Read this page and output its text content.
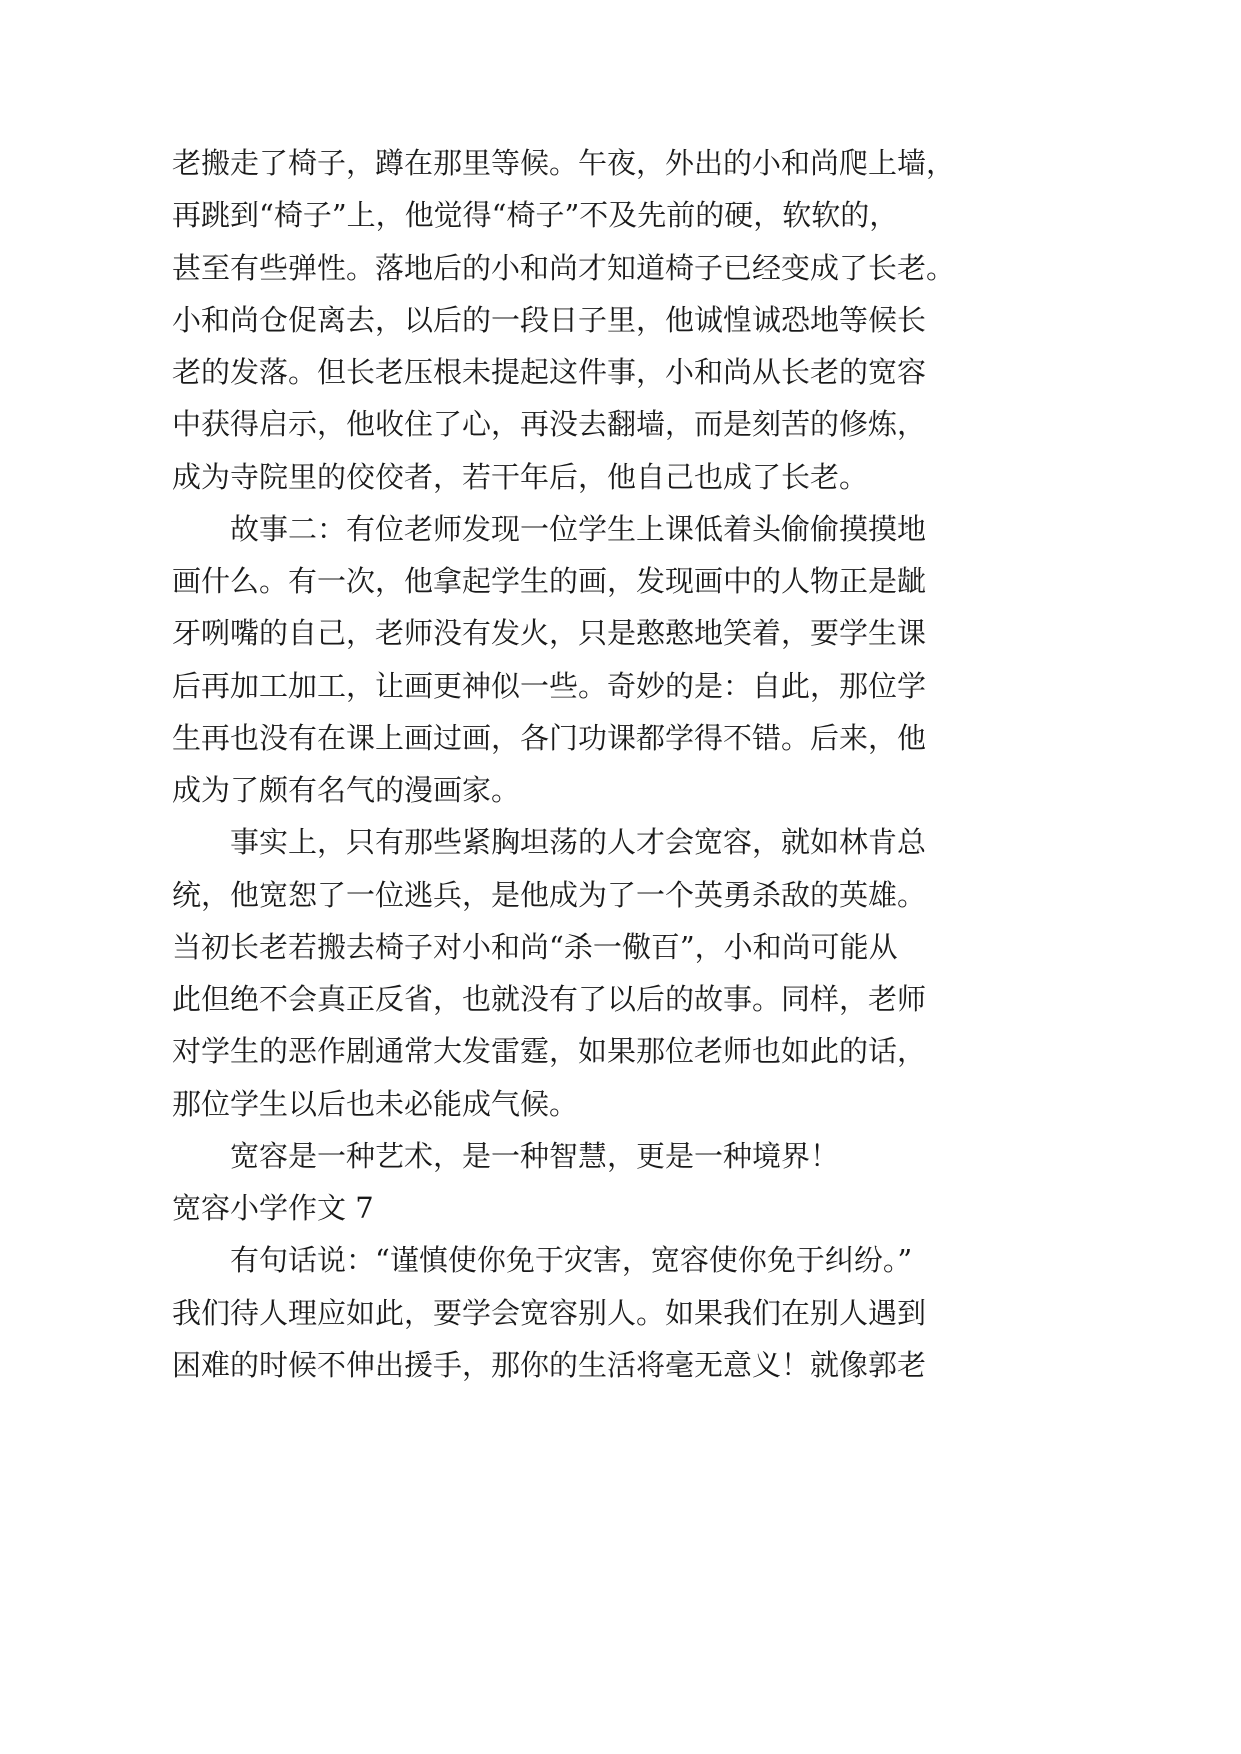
老搬走了椅子，蹲在那里等候。午夜，外出的小和尚爬上墙，
再跳到“椅子”上，他觉得“椅子”不及先前的硬，软软的，
甚至有些弹性。落地后的小和尚才知道椅子已经变成了长老。
小和尚仓促离去，以后的一段日子里，他诚惶诚恐地等候长
老的发落。但长老压根未提起这件事，小和尚从长老的宽容
中获得启示，他收住了心，再没去翻墙，而是刻苦的修炼，
成为寺院里的佼佼者，若干年后，他自己也成了长老。
故事二：有位老师发现一位学生上课低着头偷偷摸摸地
画什么。有一次，他拿起学生的画，发现画中的人物正是龇
牙咧嘴的自己，老师没有发火，只是憨憨地笑着，要学生课
后再加工加工，让画更神似一些。奇妙的是：自此，那位学
生再也没有在课上画过画，各门功课都学得不错。后来，他
成为了颇有名气的漫画家。
事实上，只有那些紧胸坦荡的人才会宽容，就如林肯总
统，他宽恕了一位逃兵，是他成为了一个英勇杀敌的英雄。
当初长老若搬去椅子对小和尚“杀一儆百”，小和尚可能从
此但绝不会真正反省，也就没有了以后的故事。同样，老师
对学生的恶作剧通常大发雷霆，如果那位老师也如此的话，
那位学生以后也未必能成气候。
宽容是一种艺术，是一种智慧，更是一种境界！
宽容小学作文 7
有句话说：“谨慎使你免于灾害，宽容使你免于纠纷。”
我们待人理应如此，要学会宽容别人。如果我们在别人遇到
困难的时候不伸出援手，那你的生活将毫无意义！就像郭老
